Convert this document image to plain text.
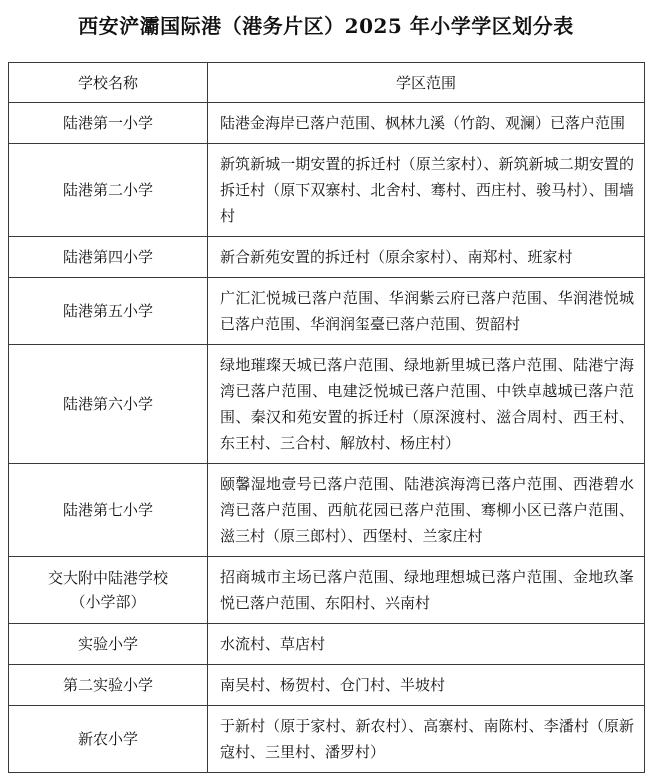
西安浐灞国际港（港务片区）2025 年小学学区划分表
学校名称	学区范围

陆港第一小学	陆港金海岸已落户范围、枫林九溪（竹韵、观澜）已落户范围

陆港第二小学	新筑新城一期安置的拆迁村（原兰家村）、新筑新城二期安置的拆迁村（原下双寨村、北舍村、骞村、西庄村、骏马村）、围墙村

陆港第四小学	新合新苑安置的拆迁村（原余家村）、南郑村、班家村

陆港第五小学	广汇汇悦城已落户范围、华润紫云府已落户范围、华润港悦城已落户范围、华润润玺臺已落户范围、贺韶村

陆港第六小学	绿地璀璨天城已落户范围、绿地新里城已落户范围、陆港宁海湾已落户范围、电建泛悦城已落户范围、中铁卓越城已落户范围、秦汉和苑安置的拆迁村（原深渡村、滋合周村、西王村、东王村、三合村、解放村、杨庄村）

陆港第七小学	颐馨湿地壹号已落户范围、陆港滨海湾已落户范围、西港碧水湾已落户范围、西航花园已落户范围、骞柳小区已落户范围、滋三村（原三郎村）、西堡村、兰家庄村

交大附中陆港学校
（小学部）	招商城市主场已落户范围、绿地理想城已落户范围、金地玖峯悦已落户范围、东阳村、兴南村

实验小学	水流村、草店村

第二实验小学	南吴村、杨贺村、仓门村、半坡村

新农小学	于新村（原于家村、新农村）、高寨村、南陈村、李潘村（原新寇村、三里村、潘罗村）
